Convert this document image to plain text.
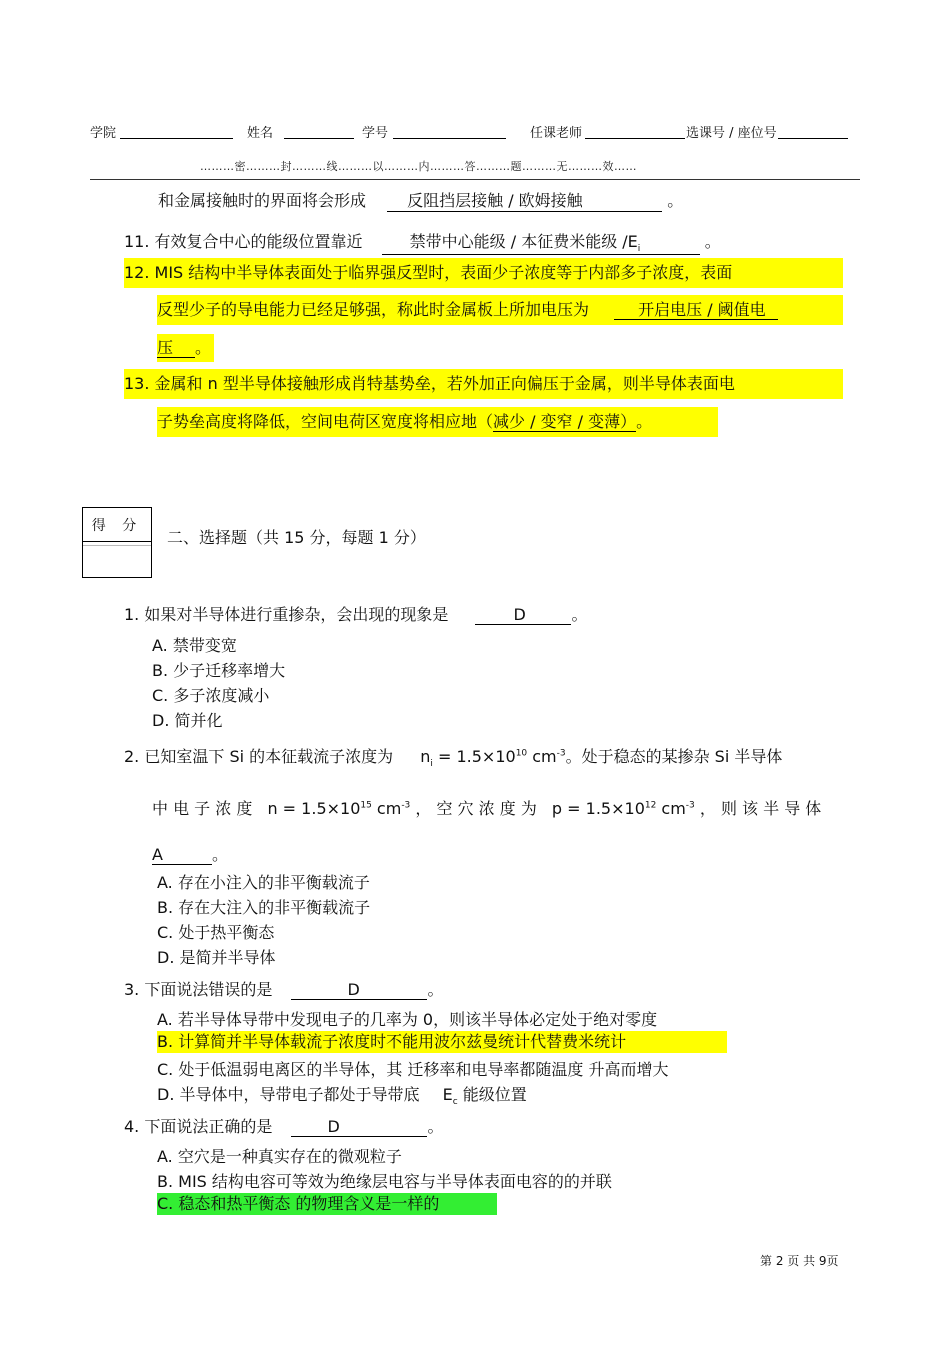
学院	姓名	学号	任课老师	选课号 / 座位号
………密………封………线………以………内………答………题………无………效……
和金属接触时的界面将会形成	反阻挡层接触 / 欧姆接触	。
11. 有效复合中心的能级位置靠近	禁带中心能级 / 本征费米能级 $/E_i$	。
12. MIS 结构中半导体表面处于临界强反型时，表面少子浓度等于内部多子浓度，表面
反型少子的导电能力已经足够强，称此时金属板上所加电压为	开启电压 / 阈值电
压 。
13. 金属和 n 型半导体接触形成肖特基势垒，若外加正向偏压于金属，则半导体表面电
子势垒高度将降低，空间电荷区宽度将相应地（减少 / 变窄 / 变薄）。
得 分
二、选择题（共 15 分，每题 1 分）
1. 如果对半导体进行重掺杂，会出现的现象是	D	。
A. 禁带变宽
B. 少子迁移率增大
C. 多子浓度减小
D. 简并化
2. 已知室温下 Si 的本征载流子浓度为 $n_i = 1.5\times 10^{10}$ $cm^{-3}$。处于稳态的某掺杂 Si 半导体
中 电 子 浓 度 $n = 1.5\times 10^{15}$ $cm^{-3}$ ， 空 穴 浓 度 为 $p = 1.5\times 10^{12}$ $cm^{-3}$ ， 则 该 半 导 体
A	。
A. 存在小注入的非平衡载流子
B. 存在大注入的非平衡载流子
C. 处于热平衡态
D. 是简并半导体
3. 下面说法错误的是	D	。
A. 若半导体导带中发现电子的几率为 0，则该半导体必定处于绝对零度
B. 计算简并半导体载流子浓度时不能用波尔兹曼统计代替费米统计
C. 处于低温弱电离区的半导体，其 迁移率和电导率都随温度 升高而增大
D. 半导体中，导带电子都处于导带底 $E_c$ 能级位置
4. 下面说法正确的是	D	。
A. 空穴是一种真实存在的微观粒子
B. MIS 结构电容可等效为绝缘层电容与半导体表面电容的的并联
C. 稳态和热平衡态 的物理含义是一样的
第 2 页 共 9页
